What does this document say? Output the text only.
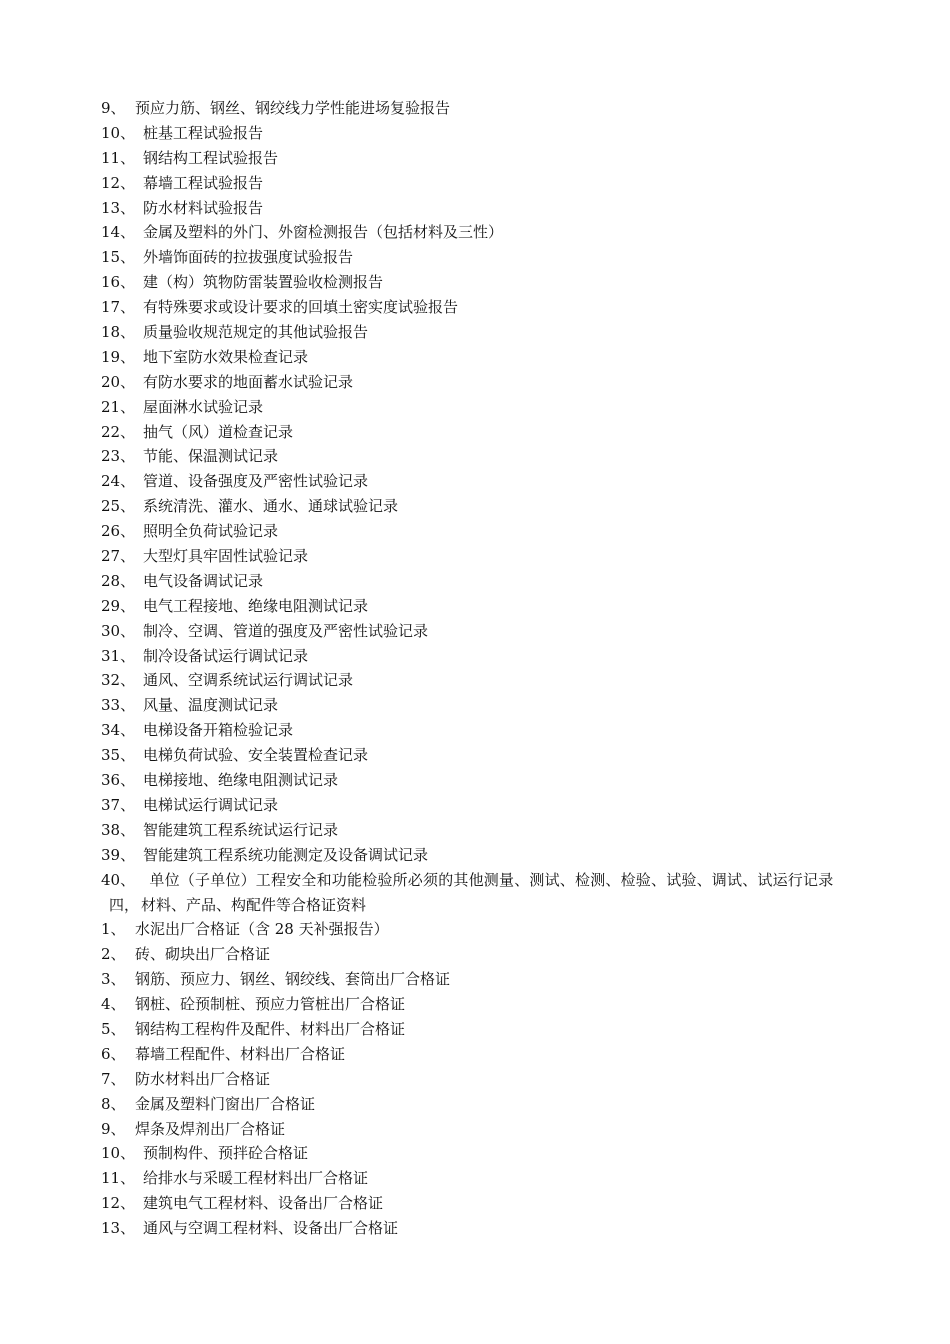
9、 预应力筋、钢丝、钢绞线力学性能进场复验报告
10、 桩基工程试验报告
11、 钢结构工程试验报告
12、 幕墙工程试验报告
13、 防水材料试验报告
14、 金属及塑料的外门、外窗检测报告（包括材料及三性）
15、 外墙饰面砖的拉拔强度试验报告
16、 建（构）筑物防雷装置验收检测报告
17、 有特殊要求或设计要求的回填土密实度试验报告
18、 质量验收规范规定的其他试验报告
19、 地下室防水效果检查记录
20、 有防水要求的地面蓄水试验记录
21、 屋面淋水试验记录
22、 抽气（风）道检查记录
23、 节能、保温测试记录
24、 管道、设备强度及严密性试验记录
25、 系统清洗、灌水、通水、通球试验记录
26、 照明全负荷试验记录
27、 大型灯具牢固性试验记录
28、 电气设备调试记录
29、 电气工程接地、绝缘电阻测试记录
30、 制冷、空调、管道的强度及严密性试验记录
31、 制冷设备试运行调试记录
32、 通风、空调系统试运行调试记录
33、 风量、温度测试记录
34、 电梯设备开箱检验记录
35、 电梯负荷试验、安全装置检查记录
36、 电梯接地、绝缘电阻测试记录
37、 电梯试运行调试记录
38、 智能建筑工程系统试运行记录
39、 智能建筑工程系统功能测定及设备调试记录
40、 单位（子单位）工程安全和功能检验所必须的其他测量、测试、检测、检验、试验、调试、试运行记录
四， 材料、产品、构配件等合格证资料
1、 水泥出厂合格证（含 28 天补强报告）
2、 砖、砌块出厂合格证
3、 钢筋、预应力、钢丝、钢绞线、套筒出厂合格证
4、 钢桩、砼预制桩、预应力管桩出厂合格证
5、 钢结构工程构件及配件、材料出厂合格证
6、 幕墙工程配件、材料出厂合格证
7、 防水材料出厂合格证
8、 金属及塑料门窗出厂合格证
9、 焊条及焊剂出厂合格证
10、 预制构件、预拌砼合格证
11、 给排水与采暖工程材料出厂合格证
12、 建筑电气工程材料、设备出厂合格证
13、 通风与空调工程材料、设备出厂合格证
